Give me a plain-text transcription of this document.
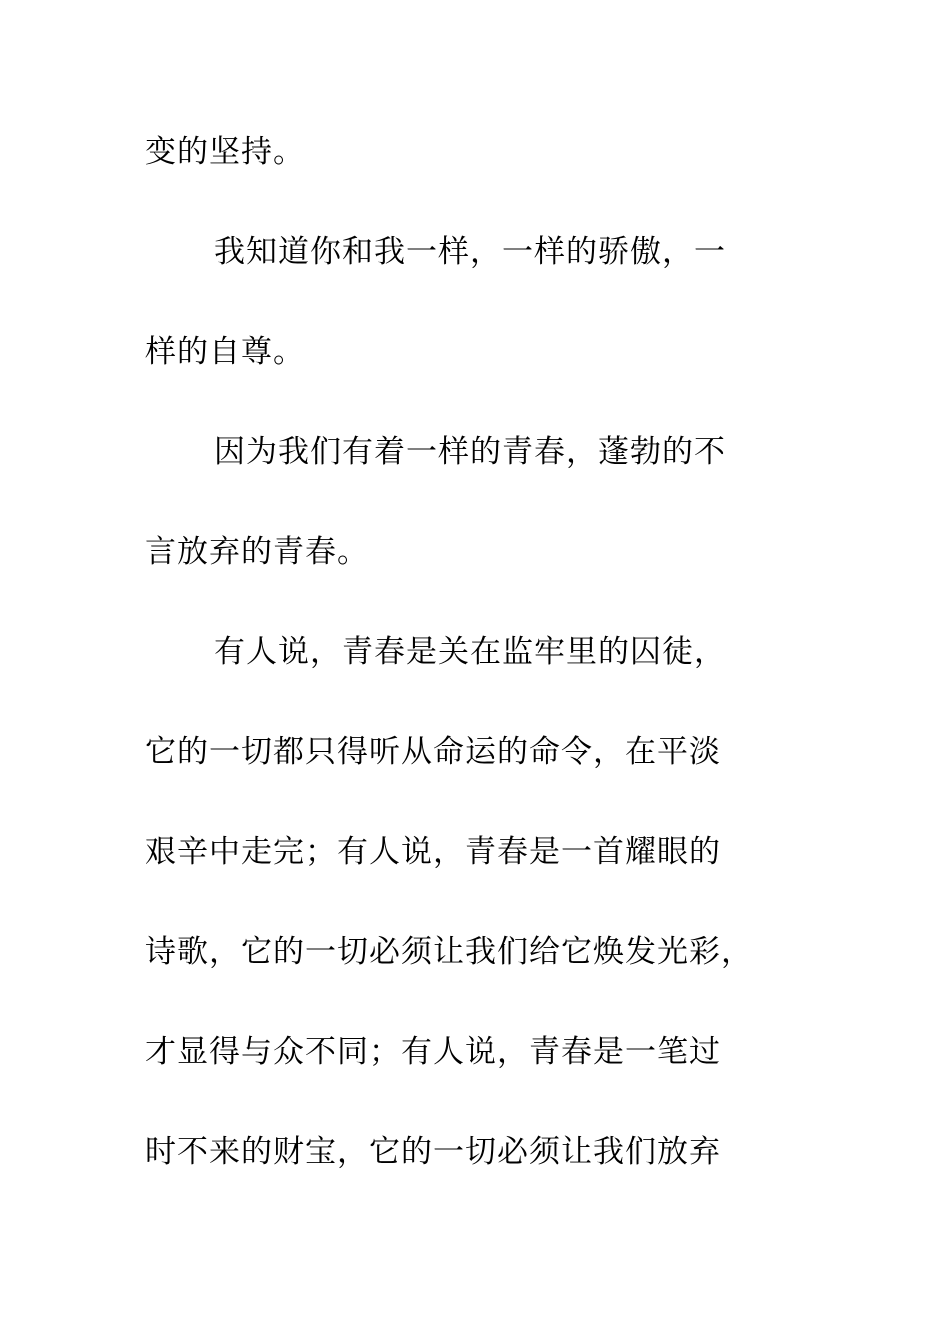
变的坚持。
我知道你和我一样，一样的骄傲，一
样的自尊。
因为我们有着一样的青春，蓬勃的不
言放弃的青春。
有人说，青春是关在监牢里的囚徒，
它的一切都只得听从命运的命令，在平淡
艰辛中走完；有人说，青春是一首耀眼的
诗歌，它的一切必须让我们给它焕发光彩，
才显得与众不同；有人说，青春是一笔过
时不来的财宝，它的一切必须让我们放弃
